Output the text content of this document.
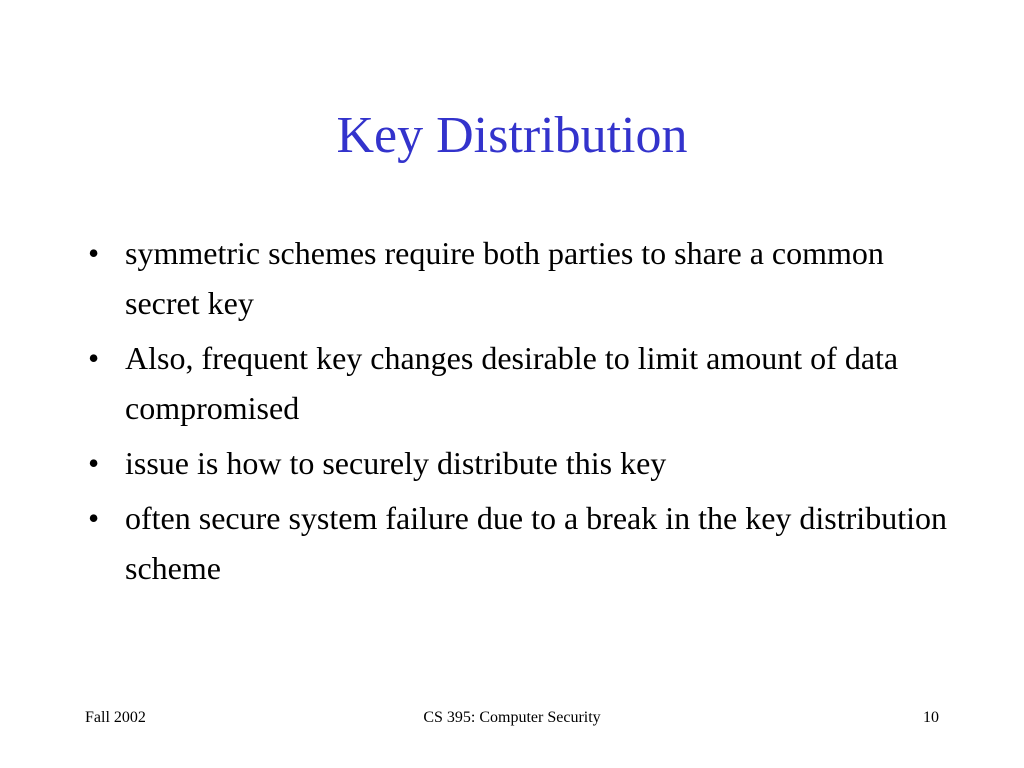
Key Distribution
• symmetric schemes require both parties to share a common secret key
• Also, frequent key changes desirable to limit amount of data compromised
• issue is how to securely distribute this key
• often secure system failure due to a break in the key distribution scheme
Fall 2002	CS 395: Computer Security	10
